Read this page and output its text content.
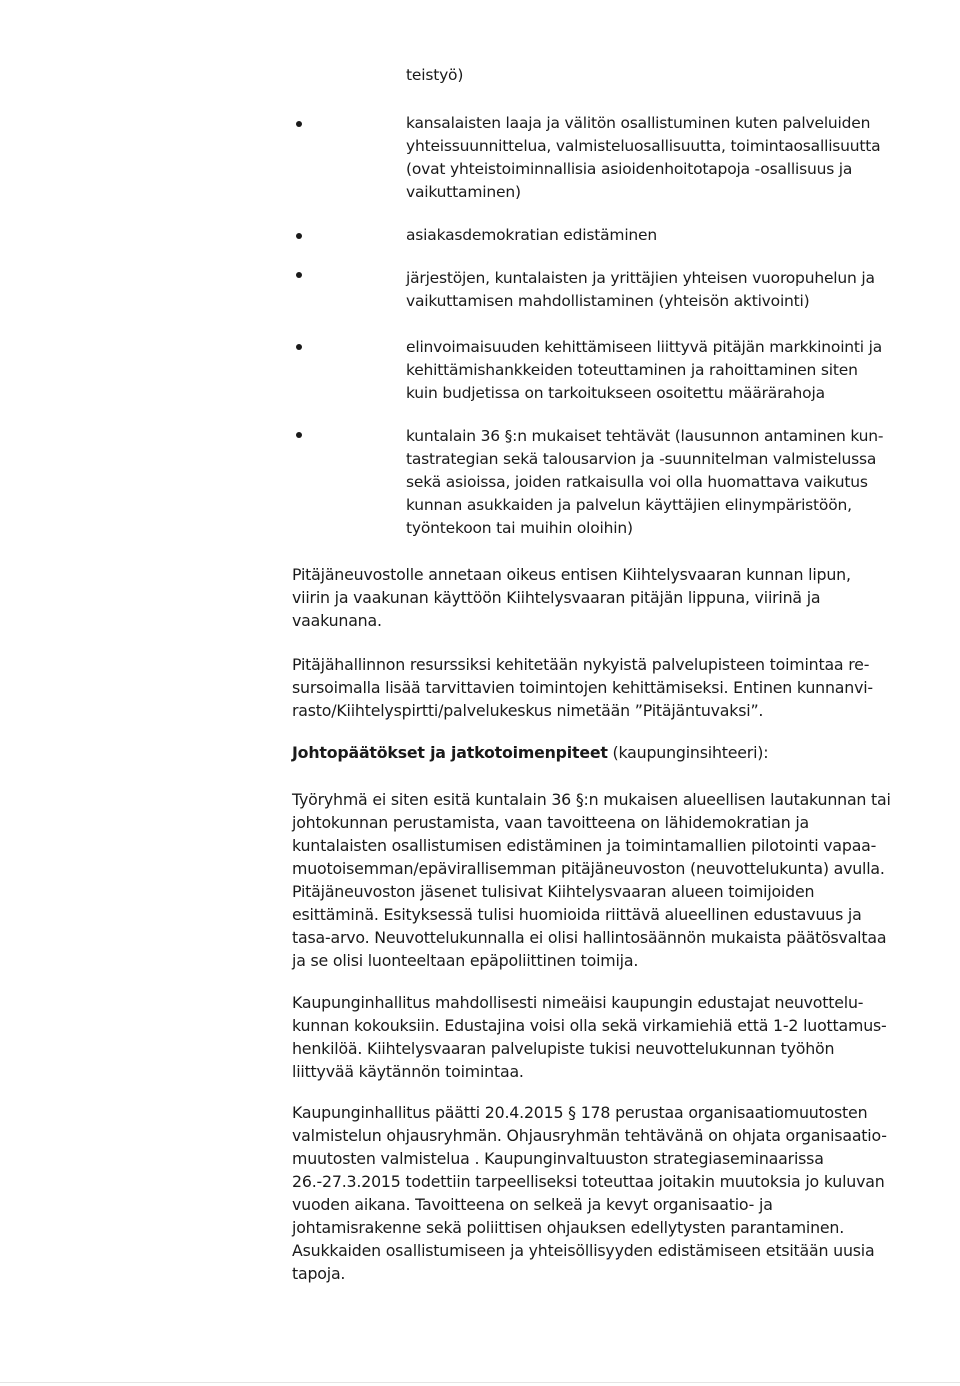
teistyö)
kansalaisten laaja ja välitön osallistuminen kuten palveluiden
yhteissuunnittelua, valmisteluosallisuutta, toimintaosallisuutta
(ovat yhteistoiminnallisia asioidenhoitotapoja -osallisuus ja
vaikuttaminen)
asiakasdemokratian edistäminen
järjestöjen, kuntalaisten ja yrittäjien yhteisen vuoropuhelun ja
vaikuttamisen mahdollistaminen (yhteisön aktivointi)
elinvoimaisuuden kehittämiseen liittyvä pitäjän markkinointi ja
kehittämishankkeiden toteuttaminen ja rahoittaminen siten
kuin budjetissa on tarkoitukseen osoitettu määrärahoja
kuntalain 36 §:n mukaiset tehtävät (lausunnon antaminen kun-
tastrategian sekä talousarvion ja -suunnitelman valmistelussa
sekä asioissa, joiden ratkaisulla voi olla huomattava vaikutus
kunnan asukkaiden ja palvelun käyttäjien elinympäristöön,
työntekoon tai muihin oloihin)
Pitäjäneuvostolle annetaan oikeus entisen Kiihtelysvaaran kunnan lipun,
viirin ja vaakunan käyttöön Kiihtelysvaaran pitäjän lippuna, viirinä ja
vaakunana.
Pitäjähallinnon resurssiksi kehitetään nykyistä palvelupisteen toimintaa re-
sursoimalla lisää tarvittavien toimintojen kehittämiseksi. Entinen kunnanvi-
rasto/Kiihtelyspirtti/palvelukeskus nimetään ”Pitäjäntuvaksi”.
Johtopäätökset ja jatkotoimenpiteet (kaupunginsihteeri):
Työryhmä ei siten esitä kuntalain 36 §:n mukaisen alueellisen lautakunnan tai
johtokunnan perustamista, vaan tavoitteena on lähidemokratian ja
kuntalaisten osallistumisen edistäminen ja toimintamallien pilotointi vapaa-
muotoisemman/epävirallisemman pitäjäneuvoston (neuvottelukunta) avulla.
Pitäjäneuvoston jäsenet tulisivat Kiihtelysvaaran alueen toimijoiden
esittäminä. Esityksessä tulisi huomioida riittävä alueellinen edustavuus ja
tasa-arvo. Neuvottelukunnalla ei olisi hallintosäännön mukaista päätösvaltaa
ja se olisi luonteeltaan epäpoliittinen toimija.
Kaupunginhallitus mahdollisesti nimeäisi kaupungin edustajat neuvottelu-
kunnan kokouksiin. Edustajina voisi olla sekä virkamiehiä että 1-2 luottamus-
henkilöä. Kiihtelysvaaran palvelupiste tukisi neuvottelukunnan työhön
liittyvää käytännön toimintaa.
Kaupunginhallitus päätti 20.4.2015 § 178 perustaa organisaatiomuutosten
valmistelun ohjausryhmän. Ohjausryhmän tehtävänä on ohjata organisaatio-
muutosten valmistelua . Kaupunginvaltuuston strategiaseminaarissa
26.-27.3.2015 todettiin tarpeelliseksi toteuttaa joitakin muutoksia jo kuluvan
vuoden aikana. Tavoitteena on selkeä ja kevyt organisaatio- ja
johtamisrakenne sekä poliittisen ohjauksen edellytysten parantaminen.
Asukkaiden osallistumiseen ja yhteisöllisyyden edistämiseen etsitään uusia
tapoja.
